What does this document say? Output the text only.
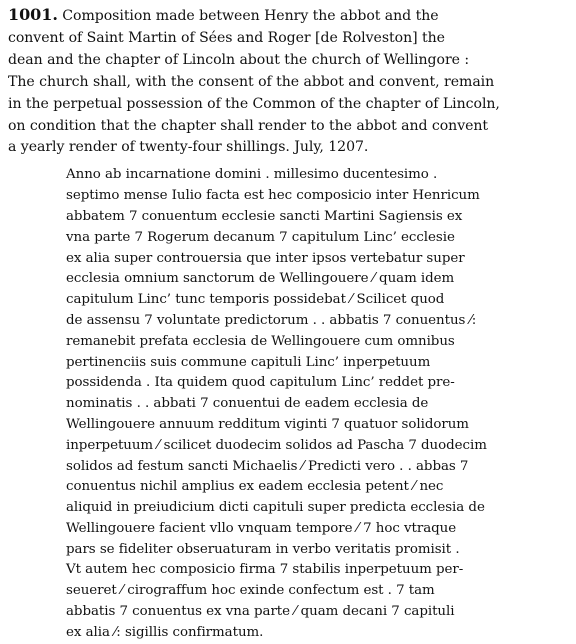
1001. Composition made between Henry the abbot and the
convent of Saint Martin of Sées and Roger [de Rolveston] the
dean and the chapter of Lincoln about the church of Wellingore :
The church shall, with the consent of the abbot and convent, remain
in the perpetual possession of the Common of the chapter of Lincoln,
on condition that the chapter shall render to the abbot and convent
a yearly render of twenty-four shillings. July, 1207.
Anno ab incarnatione domini . millesimo ducentesimo .
septimo mense Iulio facta est hec composicio inter Henricum
abbatem 7 conuentum ecclesie sancti Martini Sagiensis ex
vna parte 7 Rogerum decanum 7 capitulum Linc’ ecclesie
ex alia super controuersia que inter ipsos vertebatur super
ecclesia omnium sanctorum de Wellingouere ⁄ quam idem
capitulum Linc’ tunc temporis possidebat ⁄ Scilicet quod
de assensu 7 voluntate predictorum . . abbatis 7 conuentus ⁄:
remanebit prefata ecclesia de Wellingouere cum omnibus
pertinenciis suis commune capituli Linc’ inperpetuum
possidenda . Ita quidem quod capitulum Linc’ reddet pre-
nominatis . . abbati 7 conuentui de eadem ecclesia de
Wellingouere annuum redditum viginti 7 quatuor solidorum
inperpetuum ⁄ scilicet duodecim solidos ad Pascha 7 duodecim
solidos ad festum sancti Michaelis ⁄ Predicti vero . . abbas 7
conuentus nichil amplius ex eadem ecclesia petent ⁄ nec
aliquid in preiudicium dicti capituli super predicta ecclesia de
Wellingouere facient vllo vnquam tempore ⁄ 7 hoc vtraque
pars se fideliter obseruaturam in verbo veritatis promisit .
Vt autem hec composicio firma 7 stabilis inperpetuum per-
seueret ⁄ cirograffum hoc exinde confectum est . 7 tam
abbatis 7 conuentus ex vna parte ⁄ quam decani 7 capituli
ex alia ⁄: sigillis confirmatum.
